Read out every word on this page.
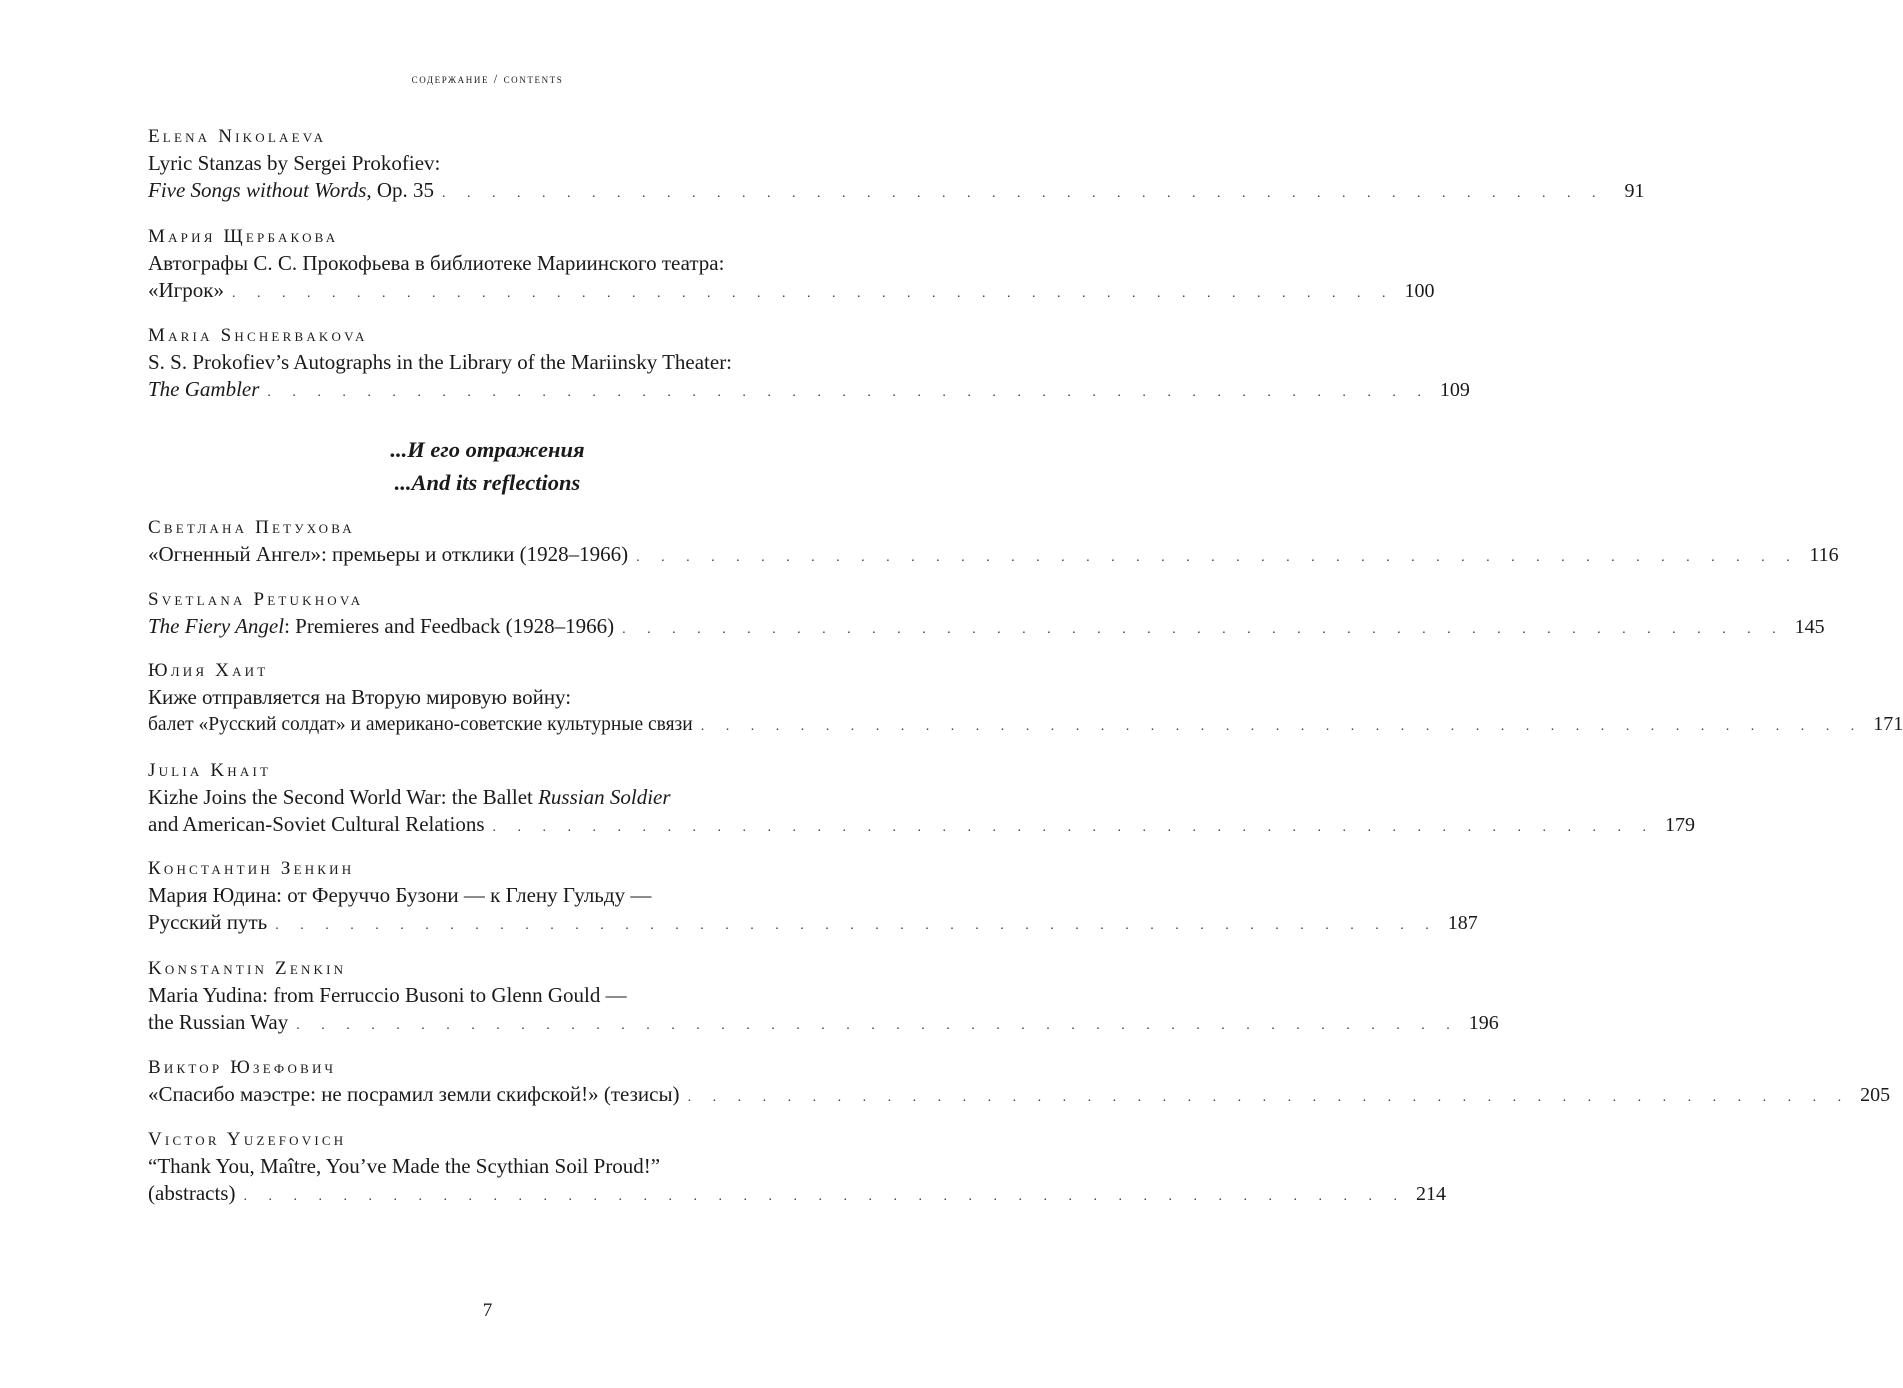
содержание / contents
Elena Nikolaeva
Lyric Stanzas by Sergei Prokofiev:
Five Songs without Words, Op. 35 . . . . . . . . . . . . . . . . . . . . . . . . . . . . . . . . . . . . . . . . . . . . . . .	91
Мария Щербакова
Автографы С. С. Прокофьева в библиотеке Мариинского театра:
«Игрок» . . . . . . . . . . . . . . . . . . . . . . . . . . . . . . . . . . . . . . . . . . . . . . . 100
Maria Shcherbakova
S. S. Prokofiev’s Autographs in the Library of the Mariinsky Theater:
The Gambler . . . . . . . . . . . . . . . . . . . . . . . . . . . . . . . . . . . . . . . . . . . . . . . 109
...И его отражения
...And its reflections
Светлана Петухова
«Огненный Ангел»: премьеры и отклики (1928–1966) . . . . . . . . . . . . . . . . . . . . . . . . . . . . . . . . . . . . . . . . . . . . . . . 116
Svetlana Petukhova
The Fiery Angel: Premieres and Feedback (1928–1966) . . . . . . . . . . . . . . . . . . . . . . . . . . . . . . . . . . . . . . . . . . . . . . . 145
Юлия Хаит
Киже отправляется на Вторую мировую войну:
балет «Русский солдат» и американо-советские культурные связи . . . . . . . . . . . . . . . . . . . . . . . . . . . . . . . . . . . . . . . . . . . . . . . 171
Julia Khait
Kizhe Joins the Second World War: the Ballet Russian Soldier
and American-Soviet Cultural Relations . . . . . . . . . . . . . . . . . . . . . . . . . . . . . . . . . . . . . . . . . . . . . . . 179
Константин Зенкин
Мария Юдина: от Феруччо Бузони — к Глену Гульду —
Русский путь . . . . . . . . . . . . . . . . . . . . . . . . . . . . . . . . . . . . . . . . . . . . . . . 187
Konstantin Zenkin
Maria Yudina: from Ferruccio Busoni to Glenn Gould —
the Russian Way . . . . . . . . . . . . . . . . . . . . . . . . . . . . . . . . . . . . . . . . . . . . . . . 196
Виктор Юзефович
«Спасибо маэстре: не посрамил земли скифской!» (тезисы) . . . . . . . . . . . . . . . . . . . . . . . . . . . . . . . . . . . . . . . . . . . . . . . 205
Victor Yuzefovich
“Thank You, Maître, You’ve Made the Scythian Soil Proud!”
(abstracts) . . . . . . . . . . . . . . . . . . . . . . . . . . . . . . . . . . . . . . . . . . . . . . . 214
7
